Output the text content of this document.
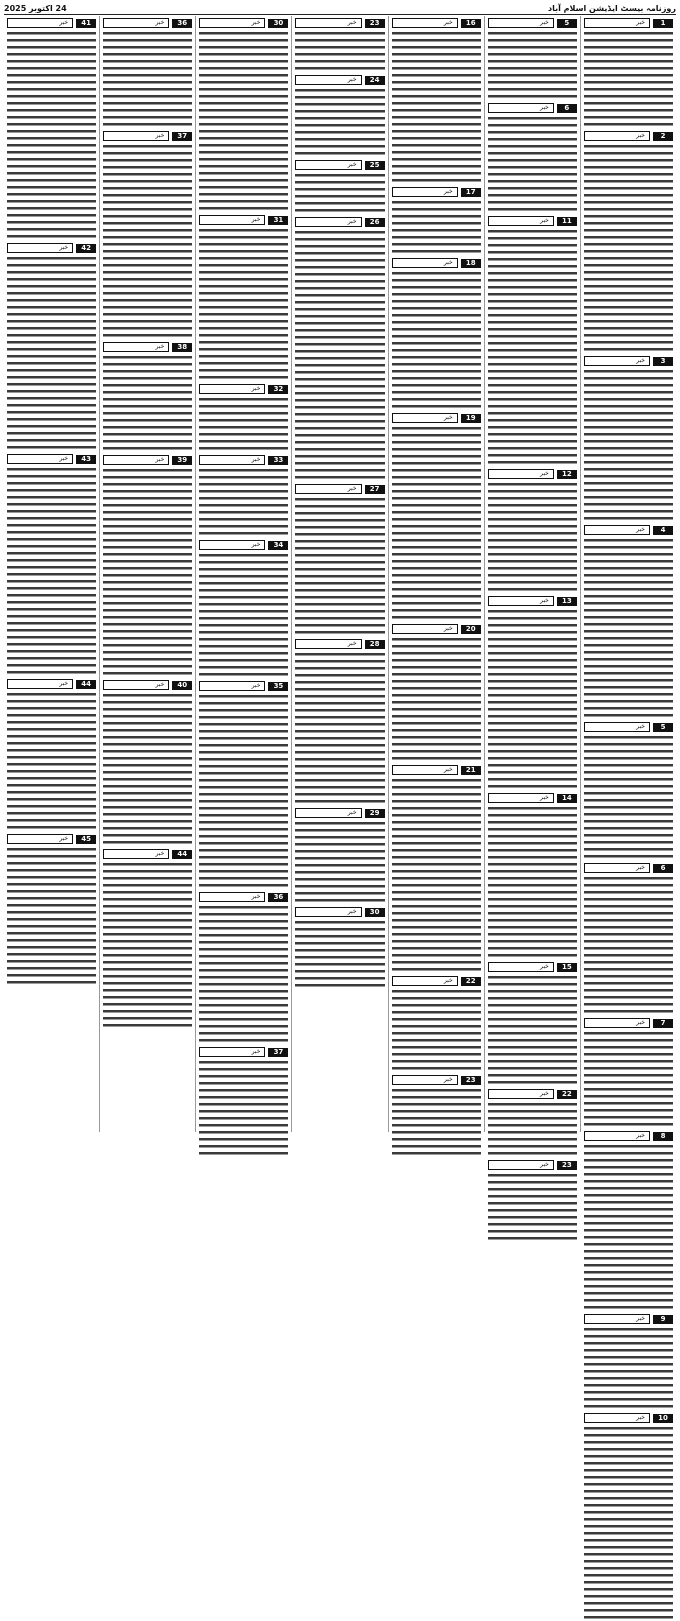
روزنامہ بیسٹ ایڈیشن اسلام آباد
24 اکتوبر 2025
1
خبر
2
خبر
3
خبر
4
خبر
5
خبر
6
خبر
7
خبر
8
خبر
9
خبر
10
خبر
5
خبر
6
خبر
11
خبر
12
خبر
13
خبر
14
خبر
15
خبر
22
خبر
23
خبر
16
خبر
17
خبر
18
خبر
19
خبر
20
خبر
21
خبر
22
خبر
23
خبر
23
خبر
24
خبر
25
خبر
26
خبر
27
خبر
28
خبر
29
خبر
30
خبر
30
خبر
31
خبر
32
خبر
33
خبر
34
خبر
35
خبر
36
خبر
37
خبر
36
خبر
37
خبر
38
خبر
39
خبر
40
خبر
44
خبر
41
خبر
42
خبر
43
خبر
44
خبر
45
خبر
